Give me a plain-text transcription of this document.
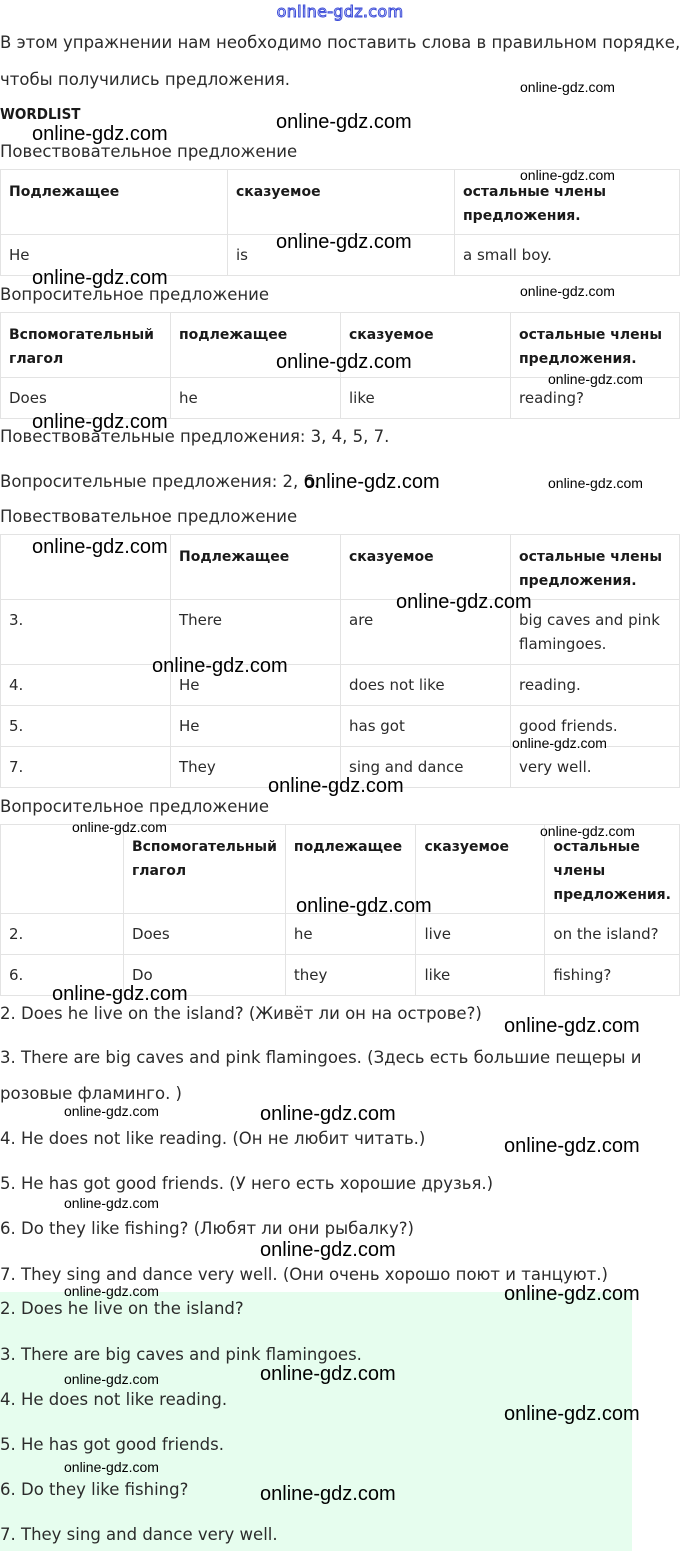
online-gdz.com
В этом упражнении нам необходимо поставить слова в правильном порядке,
чтобы получились предложения.
WORDLIST
Повествовательное предложение
Подлежащее	сказуемое	остальные члены предложения.
He	is	a small boy.
Вопросительное предложение
Вспомогательный глагол	подлежащее	сказуемое	остальные члены предложения.
Does	he	like	reading?
Повествовательные предложения: 3, 4, 5, 7.
Вопросительные предложения: 2, 6.
Повествовательное предложение
	Подлежащее	сказуемое	остальные члены предложения.
3.	There	are	big caves and pink flamingoes.
4.	He	does not like	reading.
5.	He	has got	good friends.
7.	They	sing and dance	very well.
Вопросительное предложение
	Вспомогательный глагол	подлежащее	сказуемое	остальные члены предложения.
2.	Does	he	live	on the island?
6.	Do	they	like	fishing?
2. Does he live on the island? (Живёт ли он на острове?)
3. There are big caves and pink flamingoes. (Здесь есть большие пещеры и
розовые фламинго. )
4. He does not like reading. (Он не любит читать.)
5. He has got good friends. (У него есть хорошие друзья.)
6. Do they like fishing? (Любят ли они рыбалку?)
7. They sing and dance very well. (Они очень хорошо поют и танцуют.)
2. Does he live on the island?
3. There are big caves and pink flamingoes.
4. He does not like reading.
5. He has got good friends.
6. Do they like fishing?
7. They sing and dance very well.
online-gdz.com
online-gdz.com
online-gdz.com
online-gdz.com
online-gdz.com
online-gdz.com
online-gdz.com
online-gdz.com
online-gdz.com
online-gdz.com
online-gdz.com
online-gdz.com
online-gdz.com
online-gdz.com
online-gdz.com
online-gdz.com
online-gdz.com
online-gdz.com
online-gdz.com
online-gdz.com
online-gdz.com
online-gdz.com
online-gdz.com
online-gdz.com
online-gdz.com
online-gdz.com
online-gdz.com
online-gdz.com	online-gdz.com
online-gdz.com
online-gdz.com
online-gdz.com
online-gdz.com
online-gdz.com
